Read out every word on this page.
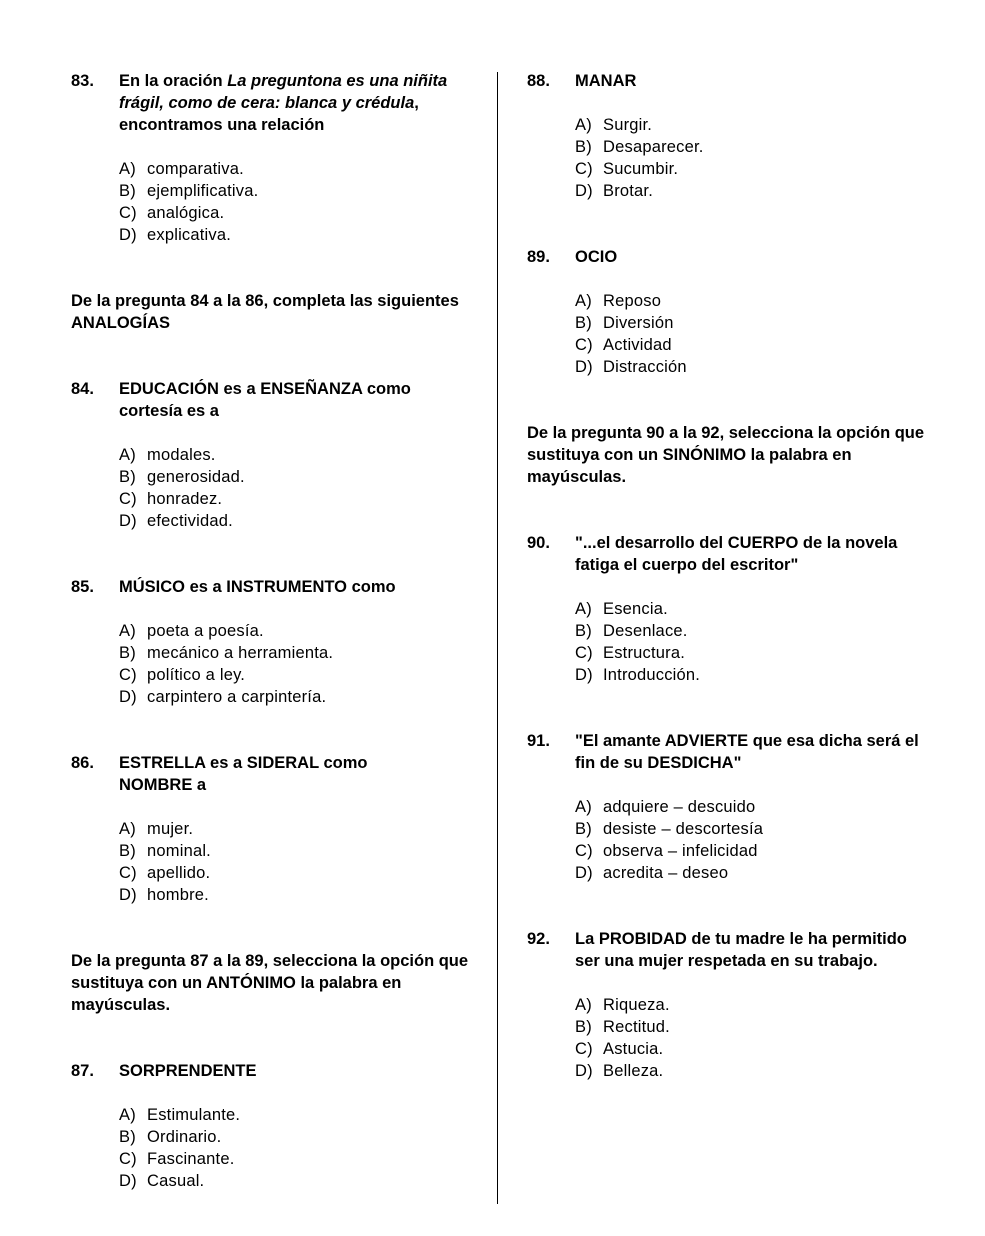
83.	En la oración La preguntona es una niñita frágil, como de cera: blanca y crédula, encontramos una relación
A) comparativa.
B) ejemplificativa.
C) analógica.
D) explicativa.
De la pregunta 84 a la 86, completa las siguientes ANALOGÍAS
84.	EDUCACIÓN es a ENSEÑANZA como cortesía es a
A) modales.
B) generosidad.
C) honradez.
D) efectividad.
85.	MÚSICO es a INSTRUMENTO como
A) poeta a poesía.
B) mecánico a herramienta.
C) político a ley.
D) carpintero a carpintería.
86.	ESTRELLA es a SIDERAL como NOMBRE a
A) mujer.
B) nominal.
C) apellido.
D) hombre.
De la pregunta 87 a la 89, selecciona la opción que sustituya con un ANTÓNIMO la palabra en mayúsculas.
87.	SORPRENDENTE
A) Estimulante.
B) Ordinario.
C) Fascinante.
D) Casual.
88.	MANAR
A) Surgir.
B) Desaparecer.
C) Sucumbir.
D) Brotar.
89.	OCIO
A) Reposo
B) Diversión
C) Actividad
D) Distracción
De la pregunta 90 a la 92, selecciona la opción que sustituya con un SINÓNIMO la palabra en mayúsculas.
90.	"...el desarrollo del CUERPO de la novela fatiga el cuerpo del escritor"
A) Esencia.
B) Desenlace.
C) Estructura.
D) Introducción.
91.	"El amante ADVIERTE que esa dicha será el fin de su DESDICHA"
A) adquiere – descuido
B) desiste – descortesía
C) observa – infelicidad
D) acredita – deseo
92.	La PROBIDAD de tu madre le ha permitido ser una mujer respetada en su trabajo.
A) Riqueza.
B) Rectitud.
C) Astucia.
D) Belleza.
